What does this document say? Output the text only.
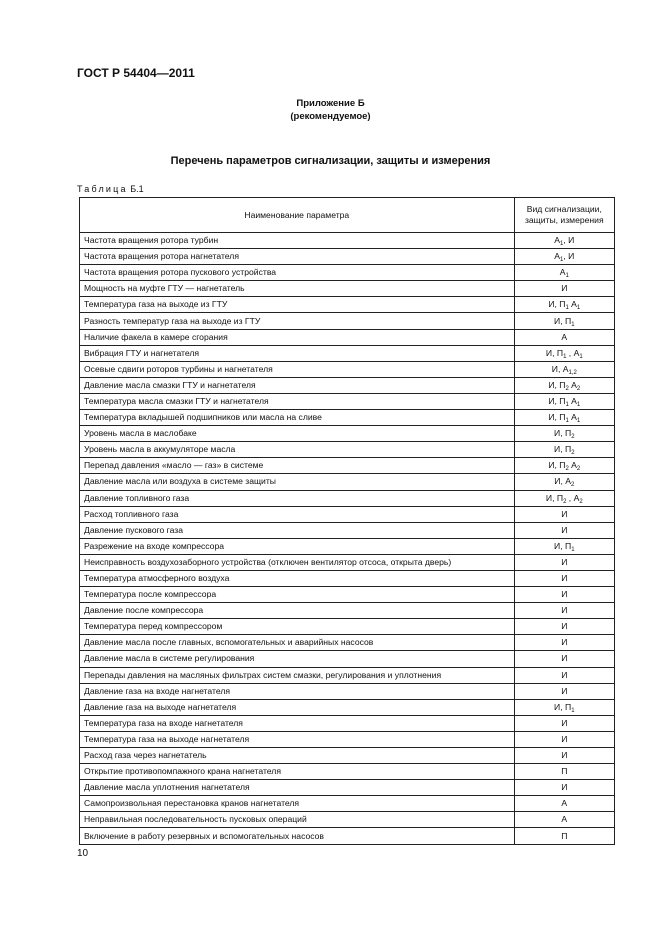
ГОСТ Р 54404—2011
Приложение Б
(рекомендуемое)
Перечень параметров сигнализации, защиты и измерения
Таблица Б.1
Наименование параметра	Вид сигнализации,
защиты, измерения
Частота вращения ротора турбин	$А_1$, И
Частота вращения ротора нагнетателя	$А_1$, И
Частота вращения ротора пускового устройства	$А_1$
Мощность на муфте ГТУ — нагнетатель	И
Температура газа на выходе из ГТУ	И, $П_1$ $А_1$
Разность температур газа на выходе из ГТУ	И, $П_1$
Наличие факела в камере сгорания	А
Вибрация ГТУ и нагнетателя	И, $П_1$ , $А_1$
Осевые сдвиги роторов турбины и нагнетателя	И, $А_{1,2}$
Давление масла смазки ГТУ и нагнетателя	И, $П_2$ $А_2$
Температура масла смазки ГТУ и нагнетателя	И, $П_1$ $А_1$
Температура вкладышей подшипников или масла на сливе	И, $П_1$ $А_1$
Уровень масла в маслобаке	И, $П_2$
Уровень масла в аккумуляторе масла	И, $П_2$
Перепад давления «масло — газ» в системе	И, $П_2$ $А_2$
Давление масла или воздуха в системе защиты	И, $А_2$
Давление топливного газа	И, $П_2$ , $А_2$
Расход топливного газа	И
Давление пускового газа	И
Разрежение на входе компрессора	И, $П_1$
Неисправность воздухозаборного устройства (отключен вентилятор отсоса, открыта дверь)	И
Температура атмосферного воздуха	И
Температура после компрессора	И
Давление после компрессора	И
Температура перед компрессором	И
Давление масла после главных, вспомогательных и аварийных насосов	И
Давление масла в системе регулирования	И
Перепады давления на масляных фильтрах систем смазки, регулирования и уплотнения	И
Давление газа на входе нагнетателя	И
Давление газа на выходе нагнетателя	И, $П_1$
Температура газа на входе нагнетателя	И
Температура газа на выходе нагнетателя	И
Расход газа через нагнетатель	И
Открытие противопомпажного крана нагнетателя	П
Давление масла уплотнения нагнетателя	И
Самопроизвольная перестановка кранов нагнетателя	А
Неправильная последовательность пусковых операций	А
Включение в работу резервных и вспомогательных насосов	П
10
